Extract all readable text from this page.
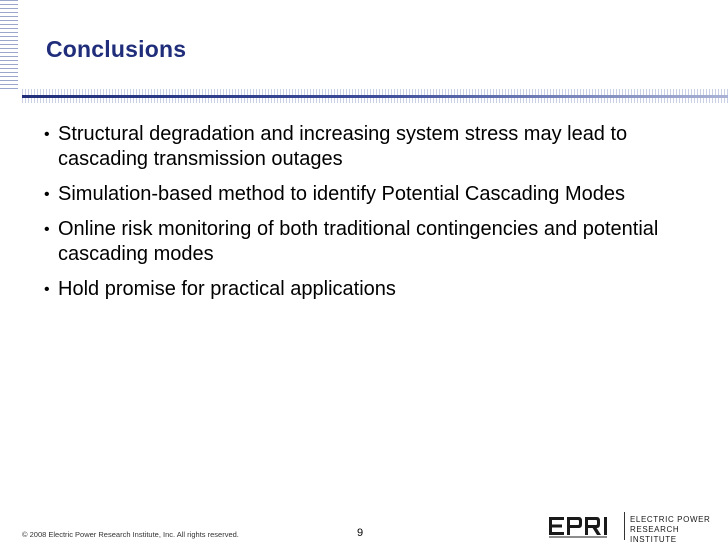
Conclusions
• Structural degradation and increasing system stress may lead to cascading transmission outages
• Simulation-based method to identify Potential Cascading Modes
• Online risk monitoring of both traditional contingencies and potential cascading modes
• Hold promise for practical applications
© 2008 Electric Power Research Institute, Inc. All rights reserved.	9
ELECTRIC POWER
RESEARCH INSTITUTE
